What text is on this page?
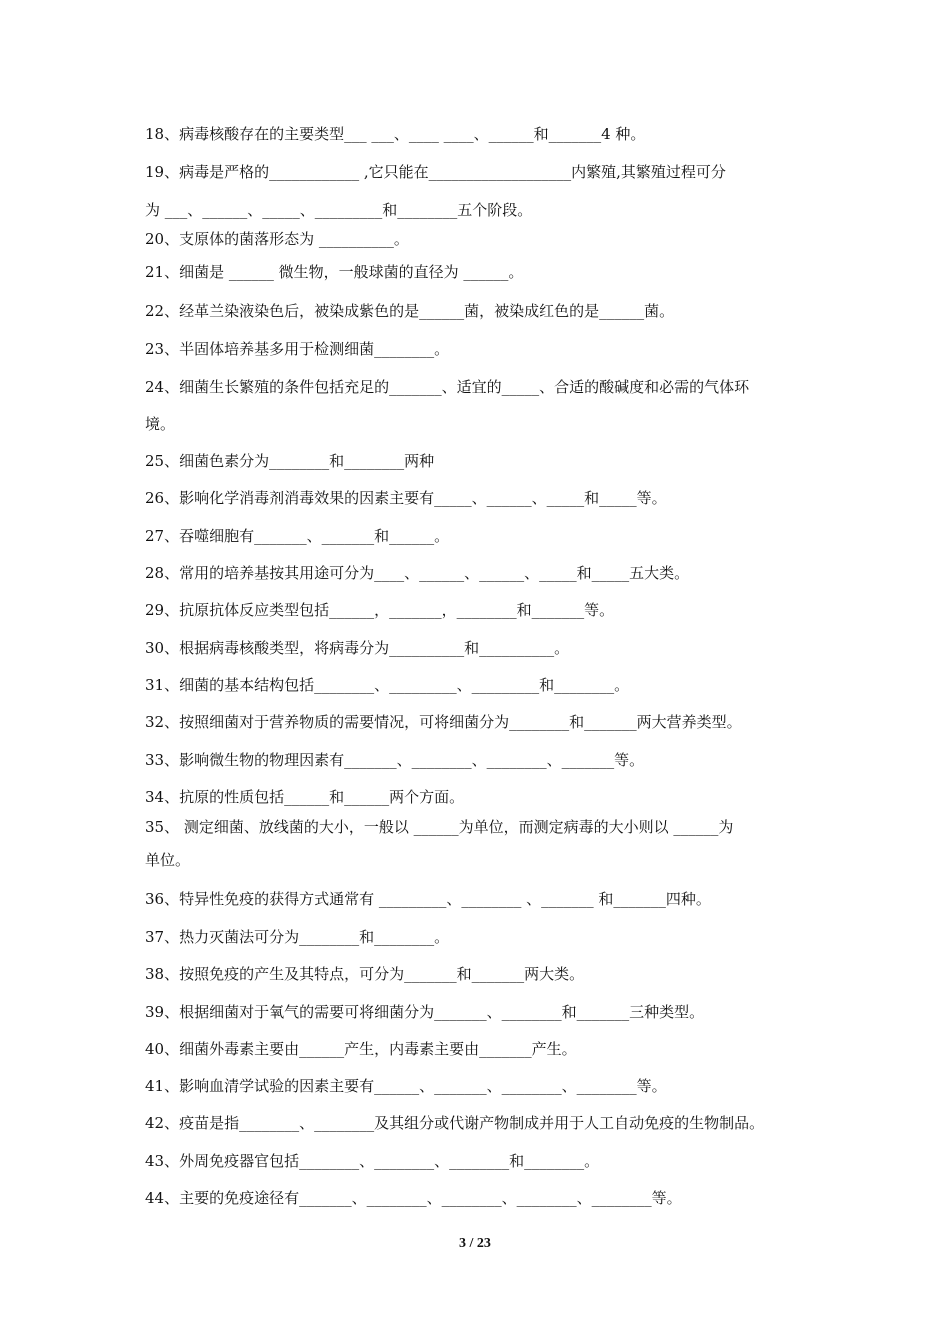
18、病毒核酸存在的主要类型___ ___、____ ____、______和_______4 种。
19、病毒是严格的____________ ,它只能在___________________内繁殖,其繁殖过程可分
为 ___、______、_____、_________和________五个阶段。
20、支原体的菌落形态为 __________。
21、细菌是 ______ 微生物，一般球菌的直径为 ______。
22、经革兰染液染色后，被染成紫色的是______菌，被染成红色的是______菌。
23、半固体培养基多用于检测细菌________。
24、细菌生长繁殖的条件包括充足的_______、适宜的_____、合适的酸碱度和必需的气体环
境。
25、细菌色素分为________和________两种
26、影响化学消毒剂消毒效果的因素主要有_____、______、_____和_____等。
27、吞噬细胞有_______、_______和______。
28、常用的培养基按其用途可分为____、______、______、_____和_____五大类。
29、抗原抗体反应类型包括______，_______，________和_______等。
30、根据病毒核酸类型，将病毒分为__________和__________。
31、细菌的基本结构包括________、_________、_________和________。
32、按照细菌对于营养物质的需要情况，可将细菌分为________和_______两大营养类型。
33、影响微生物的物理因素有_______、________、________、_______等。
34、抗原的性质包括______和______两个方面。
35、 测定细菌、放线菌的大小，一般以 ______为单位，而测定病毒的大小则以 ______为
单位。
36、特异性免疫的获得方式通常有 _________、________ 、_______ 和_______四种。
37、热力灭菌法可分为________和________。
38、按照免疫的产生及其特点，可分为_______和_______两大类。
39、根据细菌对于氧气的需要可将细菌分为_______、________和_______三种类型。
40、细菌外毒素主要由______产生，内毒素主要由_______产生。
41、影响血清学试验的因素主要有______、_______、________、________等。
42、疫苗是指________、________及其组分或代谢产物制成并用于人工自动免疫的生物制品。
43、外周免疫器官包括________、________、________和________。
44、主要的免疫途径有_______、________、________、________、________等。
3 / 23
